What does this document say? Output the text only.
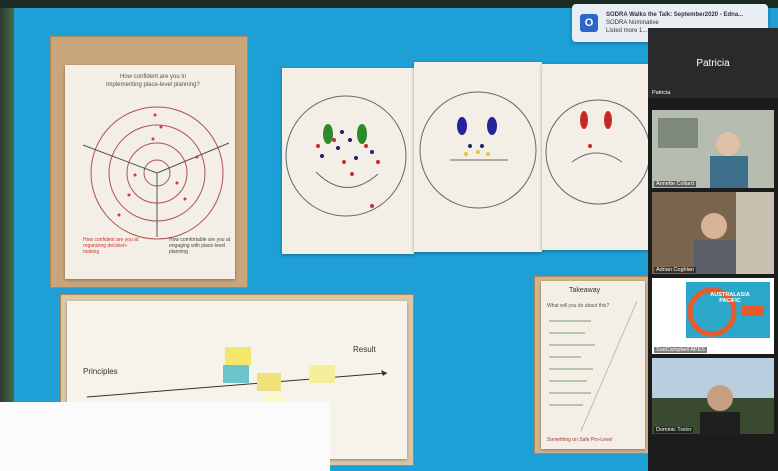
How confident are you in implementing place-level planning?
How confident are you at organizing decision-making
How comfortable are you at engaging with place-level planning
Principles
Result
Takeaway
What will you do about this?
Something on Safe Pro-Level
O
SODRA Walks the Talk: September2020 - Edna...
SODRA Nominative
Listed more 1...
Patricia
Patricia
Annette Collard
Adrian Coghlan
AUSTRALASIA PACIFIC
SueCampbell APES
Dominic Trelor
